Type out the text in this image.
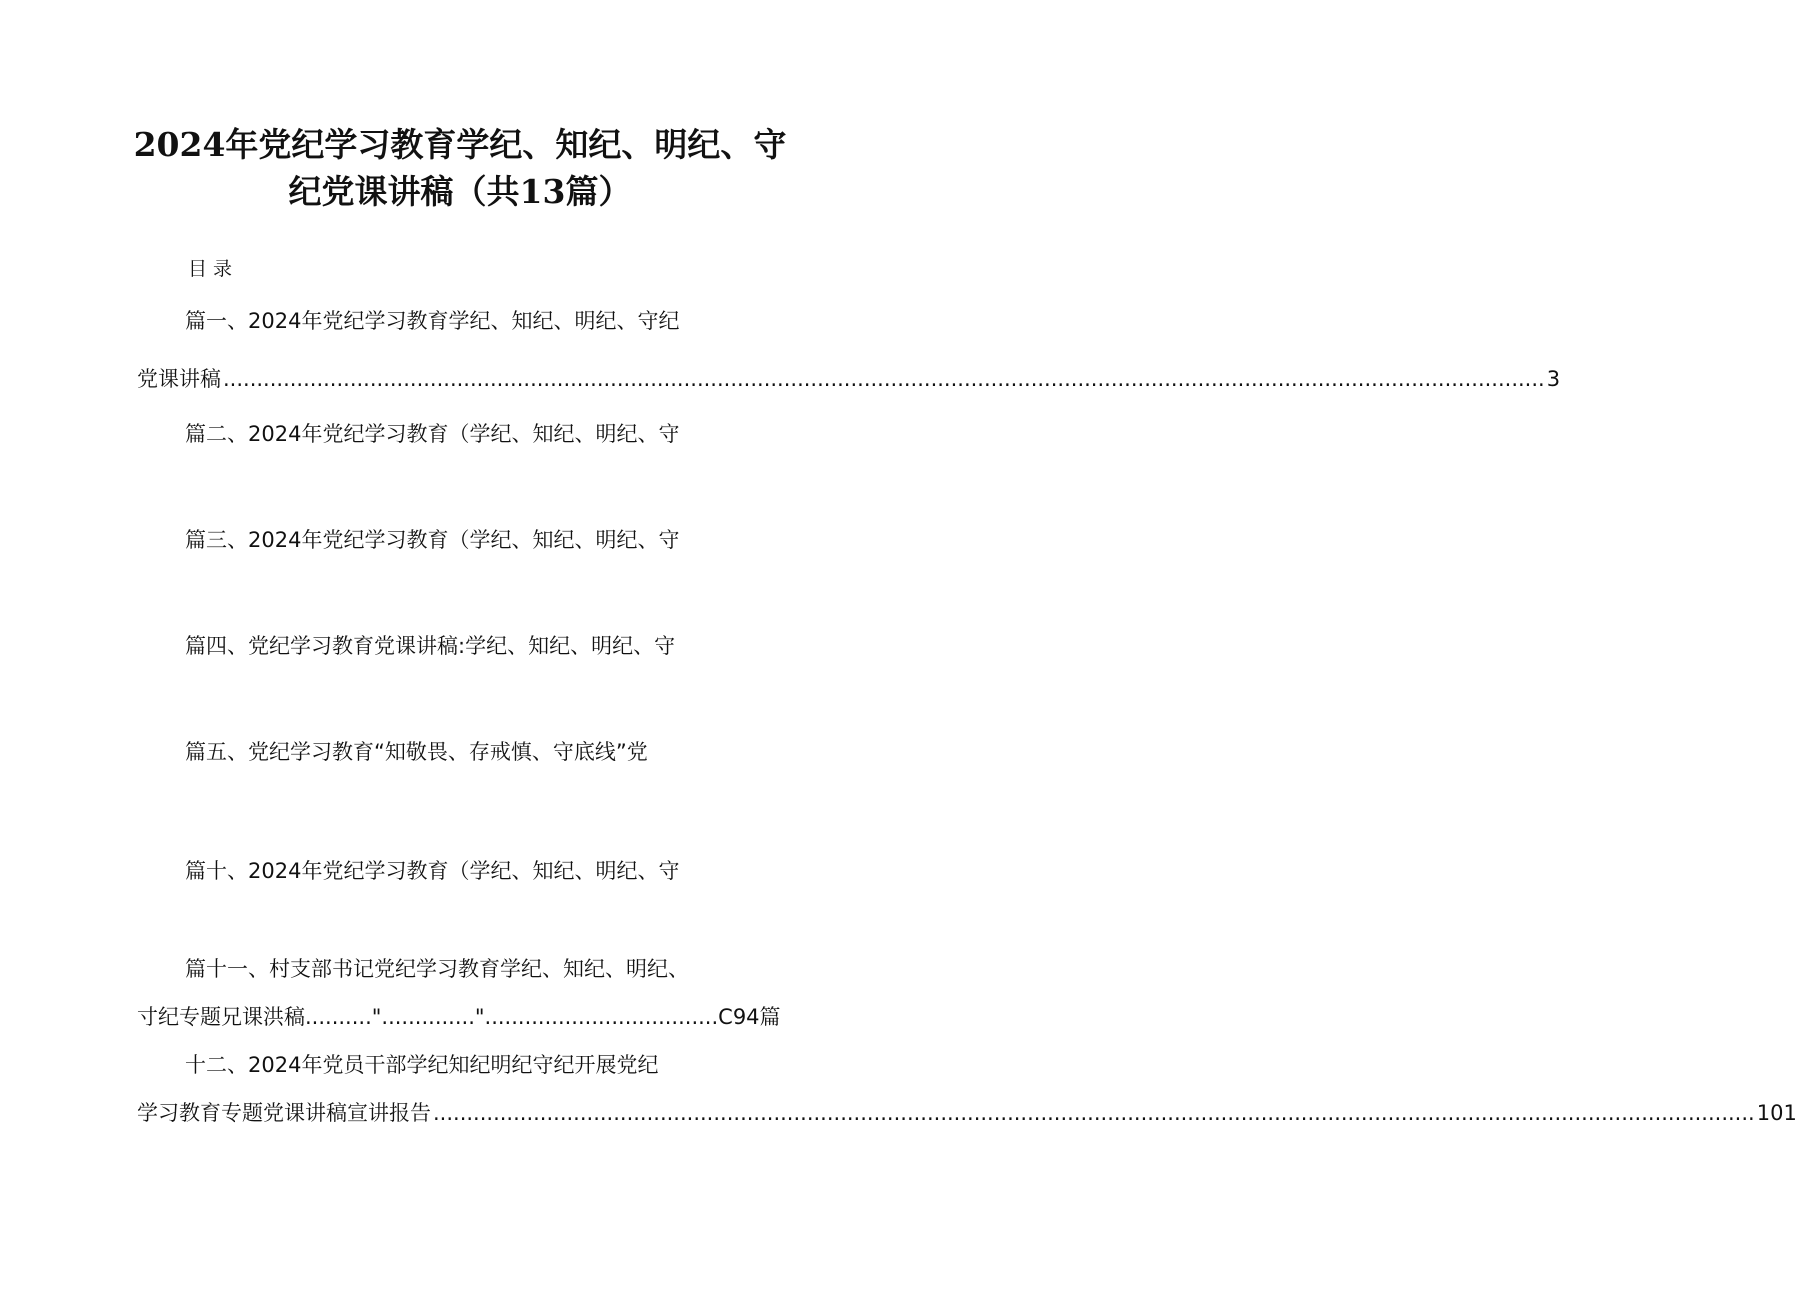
2024年党纪学习教育学纪、知纪、明纪、守
纪党课讲稿（共13篇）
目录
篇一、2024年党纪学习教育学纪、知纪、明纪、守纪
党课讲稿 ...................................................................................................................................................................................................... 3
篇二、2024年党纪学习教育（学纪、知纪、明纪、守
篇三、2024年党纪学习教育（学纪、知纪、明纪、守
篇四、党纪学习教育党课讲稿:学纪、知纪、明纪、守
篇五、党纪学习教育“知敬畏、存戒慎、守底线”党
篇十、2024年党纪学习教育（学纪、知纪、明纪、守
篇十一、村支部书记党纪学习教育学纪、知纪、明纪、
寸纪专题兄课洪稿..........".............."...................................C94篇
十二、2024年党员干部学纪知纪明纪守纪开展党纪
学习教育专题党课讲稿宣讲报告 ...................................................................................................................................................................................................... 101
